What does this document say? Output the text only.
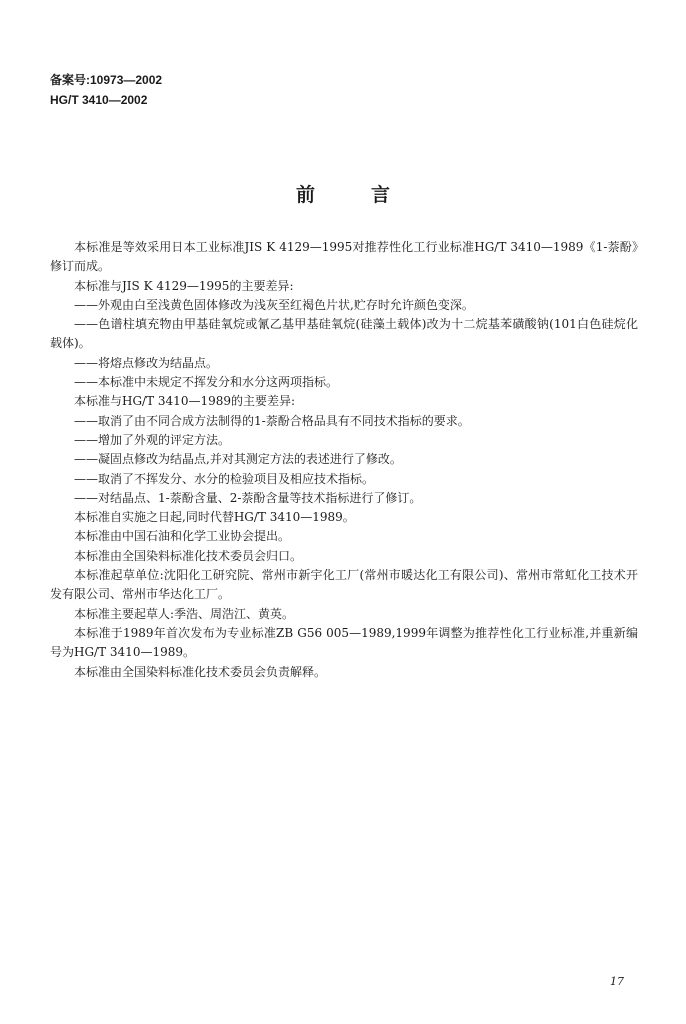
备案号:10973—2002
HG/T 3410—2002
前言

本标准是等效采用日本工业标准JIS K 4129—1995对推荐性化工行业标准HG/T 3410—1989《1-萘酚》修订而成。

本标准与JIS K 4129—1995的主要差异:

——外观由白至浅黄色固体修改为浅灰至红褐色片状,贮存时允许颜色变深。

——色谱柱填充物由甲基硅氧烷或氰乙基甲基硅氧烷(硅藻土载体)改为十二烷基苯磺酸钠(101白色硅烷化载体)。

——将熔点修改为结晶点。

——本标准中未规定不挥发分和水分这两项指标。

本标准与HG/T 3410—1989的主要差异:

——取消了由不同合成方法制得的1-萘酚合格品具有不同技术指标的要求。

——增加了外观的评定方法。

——凝固点修改为结晶点,并对其测定方法的表述进行了修改。

——取消了不挥发分、水分的检验项目及相应技术指标。

——对结晶点、1-萘酚含量、2-萘酚含量等技术指标进行了修订。

本标准自实施之日起,同时代替HG/T 3410—1989。

本标准由中国石油和化学工业协会提出。

本标准由全国染料标准化技术委员会归口。

本标准起草单位:沈阳化工研究院、常州市新宇化工厂(常州市暖达化工有限公司)、常州市常虹化工技术开发有限公司、常州市华达化工厂。

本标准主要起草人:季浩、周浩江、黄英。

本标准于1989年首次发布为专业标准ZB G56 005—1989,1999年调整为推荐性化工行业标准,并重新编号为HG/T 3410—1989。

本标准由全国染料标准化技术委员会负责解释。

17
